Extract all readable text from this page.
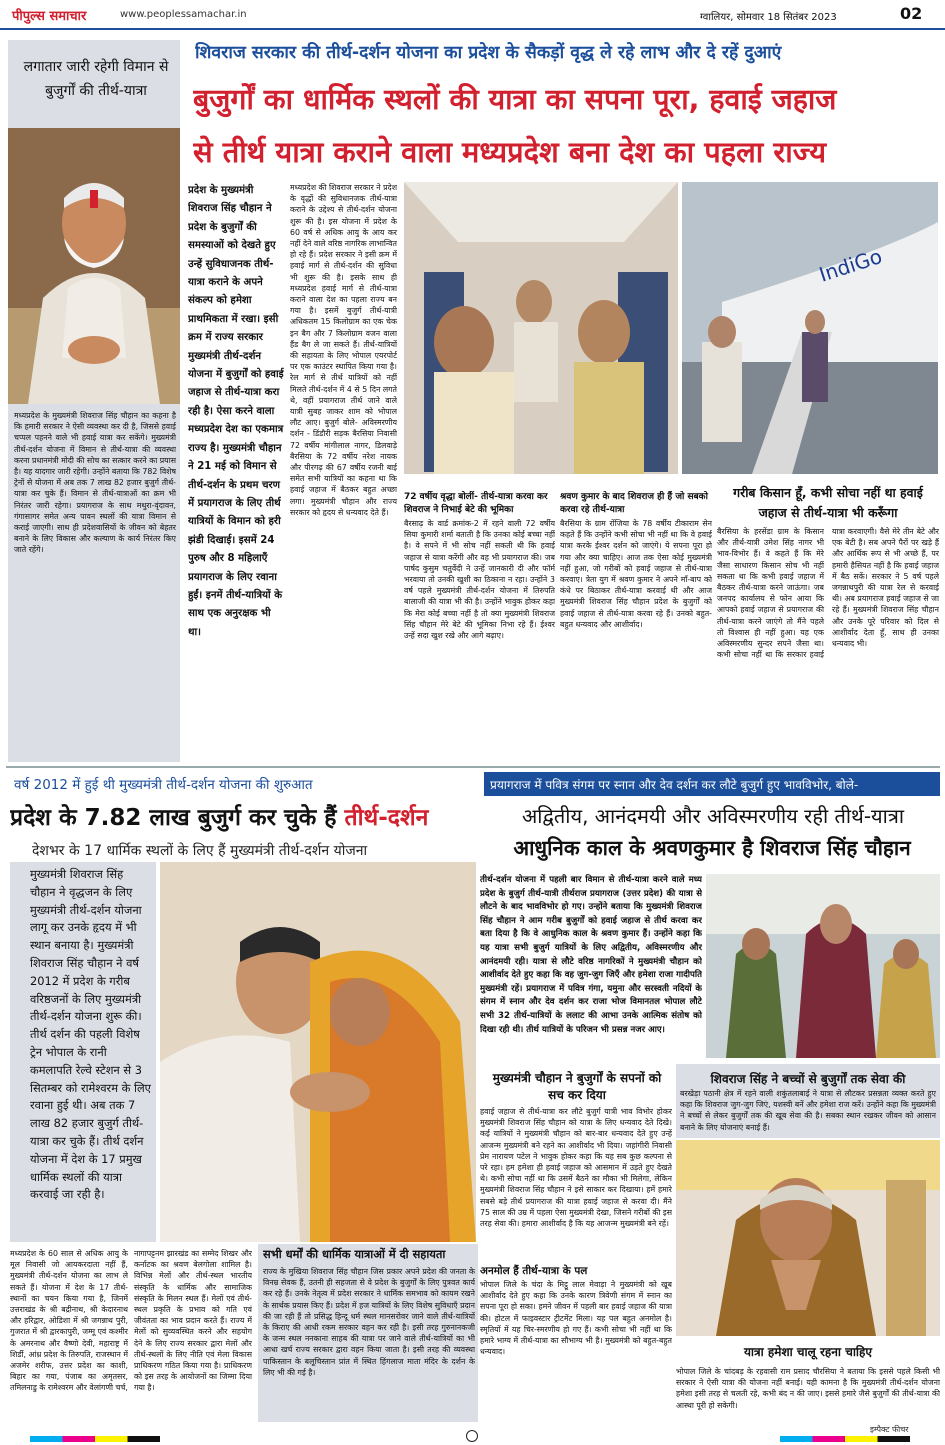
पीपुल्स समाचार	www.peoplessamachar.in	ग्वालियर, सोमवार 18 सितंबर 2023	02
शिवराज सरकार की तीर्थ-दर्शन योजना का प्रदेश के सैकड़ों वृद्ध ले रहे लाभ और दे रहें दुआएं
बुजुर्गों का धार्मिक स्थलों की यात्रा का सपना पूरा, हवाई जहाज
से तीर्थ यात्रा कराने वाला मध्यप्रदेश बना देश का पहला राज्य
लगातार जारी रहेगी विमान से बुजुर्गों की तीर्थ-यात्रा
मध्यप्रदेश के मुख्यमंत्री शिवराज सिंह चौहान का कहना है कि हमारी सरकार ने ऐसी व्यवस्था कर दी है, जिससे हवाई चप्पल पहनने वाले भी हवाई यात्रा कर सकेंगे। मुख्यमंत्री तीर्थ-दर्शन योजना में विमान से तीर्थ-यात्रा की व्यवस्था करना प्रधानमंत्री मोदी की सोच का सत्कार करने का प्रयास है। यह यादगार जारी रहेगी। उन्होंने बताया कि 782 विशेष ट्रेनों से योजना में अब तक 7 लाख 82 हजार बुजुर्ग तीर्थ-यात्रा कर चुके हैं। विमान से तीर्थ-यात्राओं का क्रम भी निरंतर जारी रहेगा। प्रयागराज के साथ मथुरा-वृंदावन, गंगासागर समेत अन्य पावन स्थलों की यात्रा विमान से कराई जाएगी। साथ ही प्रदेशवासियों के जीवन को बेहतर बनाने के लिए विकास और कल्याण के कार्य निरंतर किए जाते रहेंगे।
प्रदेश के मुख्यमंत्री शिवराज सिंह चौहान ने प्रदेश के बुजुर्गों की समस्याओं को देखते हुए उन्हें सुविधाजनक तीर्थ-यात्रा कराने के अपने संकल्प को हमेशा प्राथमिकता में रखा। इसी क्रम में राज्य सरकार मुख्यमंत्री तीर्थ-दर्शन योजना में बुजुर्गों को हवाई जहाज से तीर्थ-यात्रा करा रही है। ऐसा करने वाला मध्यप्रदेश देश का एकमात्र राज्य है। मुख्यमंत्री चौहान ने 21 मई को विमान से तीर्थ-दर्शन के प्रथम चरण में प्रयागराज के लिए तीर्थ यात्रियों के विमान को हरी झंडी दिखाई। इसमें 24 पुरुष और 8 महिलाएँ प्रयागराज के लिए रवाना हुईं। इनमें तीर्थ-यात्रियों के साथ एक अनुरक्षक भी था।
मध्यप्रदेश की शिवराज सरकार ने प्रदेश के वृद्धों की सुविधानजक तीर्थ-यात्रा कराने के उद्देश्य से तीर्थ-दर्शन योजना शुरू की है। इस योजना में प्रदेश के 60 वर्ष से अधिक आयु के आय कर नहीं देने वाले वरिष्ठ नागरिक लाभान्वित हो रहे हैं। प्रदेश सरकार ने इसी क्रम में हवाई मार्ग से तीर्थ-दर्शन की सुविधा भी शुरू की है। इसके साथ ही मध्यप्रदेश हवाई मार्ग से तीर्थ-यात्रा कराने वाला देश का पहला राज्य बन गया है। इसमें बुजुर्ग तीर्थ-यात्री अधिकतम 15 किलोग्राम का एक चेक इन बैग और 7 किलोग्राम वजन वाला हैंड बैग ले जा सकते हैं। तीर्थ-यात्रियों की सहायता के लिए भोपाल एयरपोर्ट पर एक काउंटर स्थापित किया गया है। रेल मार्ग से तीर्थ यात्रियों को नहीं मिलते तीर्थ-दर्शन में 4 से 5 दिन लगते थे, वहीं प्रयागराज तीर्थ जाने वाले यात्री सुबह जाकर शाम को भोपाल लौट आए। बुजुर्ग बोले- अविस्मरणीय दर्शन - डिंडौरी सड़क बैरसिया निवासी 72 वर्षीय मांगीलाल नागर, डिलवाड़े बैरसिया के 72 वर्षीय नरेश नायक और पीरगढ़ की 67 वर्षीय रजनी बाई समेत सभी यात्रियों का कहना था कि हवाई जहाज में बैठकर बहुत अच्छा लगा। मुख्यमंत्री चौहान और राज्य सरकार को हृदय से धन्यवाद देते हैं।
IndiGo
72 वर्षीय वृद्धा बोलीं- तीर्थ-यात्रा करवा कर शिवराज ने निभाई बेटे की भूमिका
बैरसाढ़ के वार्ड क्रमांक-2 में रहने वाली 72 वर्षीय सिया कुमारी शर्मा बताती है कि उनका कोई बच्चा नहीं है। वे सपने में भी सोच नहीं सकती थी कि हवाई जहाज से यात्रा करेंगी और वह भी प्रयागराज की। जब पार्षद कुसुम चतुर्वेदी ने उन्हें जानकारी दी और फॉर्म भरवाया तो उनकी खुशी का ठिकाना न रहा। उन्होंने 3 वर्ष पहले मुख्यमंत्री तीर्थ-दर्शन योजना में तिरुपति बालाजी की यात्रा भी की है। उन्होंने भावुक होकर कहा कि मेरा कोई बच्चा नहीं है तो क्या मुख्यमंत्री शिवराज सिंह चौहान मेरे बेटे की भूमिका निभा रहे हैं। ईश्वर उन्हें सदा खुश रखे और आगे बढ़ाए।
श्रवण कुमार के बाद शिवराज ही हैं जो सबको करवा रहे तीर्थ-यात्रा
बैरसिया के ग्राम रोंजिया के 78 वर्षीय टीकाराम सेन कहते हैं कि उन्होंने कभी सोचा भी नहीं था कि वे हवाई यात्रा करके ईश्वर दर्शन को जाएंगे। ये सपना पूरा हो गया और क्या चाहिए। आज तक ऐसा कोई मुख्यमंत्री नहीं हुआ, जो गरीबों को हवाई जहाज से तीर्थ-यात्रा करवाए। त्रेता युग में श्रवण कुमार ने अपने माँ-बाप को कंधे पर बिठाकर तीर्थ-यात्रा करवाई थी और आज मुख्यमंत्री शिवराज सिंह चौहान प्रदेश के बुजुर्गों को हवाई जहाज से तीर्थ-यात्रा करवा रहे हैं। उनको बहुत-बहुत धन्यवाद और आशीर्वाद।
गरीब किसान हूँ, कभी सोचा नहीं था हवाई जहाज से तीर्थ-यात्रा भी करूँगा
बैरसिया के हरसेंडा ग्राम के किसान और तीर्थ-यात्री उमेश सिंह नागर भी भाव-विभोर हैं। वे कहते हैं कि मेरे जैसा साधारण किसान सोच भी नहीं सकता था कि कभी हवाई जहाज में बैठकर तीर्थ-यात्रा करने जाऊंगा। जब जनपद कार्यालय से फोन आया कि आपको हवाई जहाज से प्रयागराज की तीर्थ-यात्रा करने जाएंगे तो मैंने पहले तो विश्वास ही नहीं हुआ। यह एक अविस्मरणीय सुन्दर सपने जैसा था। कभी सोचा नहीं था कि सरकार हवाई यात्रा करवाएगी। वैसे मेरे तीन बेटे और एक बेटी है। सब अपने पैरों पर खड़े हैं और आर्थिक रूप से भी अच्छे हैं, पर हमारी हैसियत नहीं है कि हवाई जहाज में बैठ सकें। सरकार ने 5 वर्ष पहले जगन्नाथपुरी की यात्रा रेल से करवाई थी। अब प्रयागराज हवाई जहाज से जा रहे हैं। मुख्यमंत्री शिवराज सिंह चौहान और उनके पूरे परिवार को दिल से आशीर्वाद देता हूँ, साथ ही उनका धन्यवाद भी।
वर्ष 2012 में हुई थी मुख्यमंत्री तीर्थ-दर्शन योजना की शुरुआत
प्रदेश के 7.82 लाख बुजुर्ग कर चुके हैं तीर्थ-दर्शन
देशभर के 17 धार्मिक स्थलों के लिए हैं मुख्यमंत्री तीर्थ-दर्शन योजना
मुख्यमंत्री शिवराज सिंह चौहान ने वृद्धजन के लिए मुख्यमंत्री तीर्थ-दर्शन योजना लागू कर उनके हृदय में भी स्थान बनाया है। मुख्यमंत्री शिवराज सिंह चौहान ने वर्ष 2012 में प्रदेश के गरीब वरिष्ठजनों के लिए मुख्यमंत्री तीर्थ-दर्शन योजना शुरू की। तीर्थ दर्शन की पहली विशेष ट्रेन भोपाल के रानी कमलापति रेल्वे स्टेशन से 3 सितम्बर को रामेश्वरम के लिए रवाना हुई थी। अब तक 7 लाख 82 हजार बुजुर्ग तीर्थ-यात्रा कर चुके हैं। तीर्थ दर्शन योजना में देश के 17 प्रमुख धार्मिक स्थलों की यात्रा करवाई जा रही है।
मध्यप्रदेश के 60 साल से अधिक आयु के मूल निवासी जो आयकरदाता नहीं हैं, मुख्यमंत्री तीर्थ-दर्शन योजना का लाभ ले सकते हैं। योजना में देश के 17 तीर्थ-स्थानों का चयन किया गया है, जिनमें उत्तराखंड के श्री बद्रीनाथ, श्री केदारनाथ और हरिद्वार, ओडिशा में श्री जगन्नाथ पुरी, गुजरात में श्री द्वारकापुरी, जम्मू एवं कश्मीर के अमरनाथ और वैष्णो देवी, महाराष्ट्र में शिर्डी, आंध्र प्रदेश के तिरुपति, राजस्थान में अजमेर शरीफ, उत्तर प्रदेश का काशी, बिहार का गया, पंजाब का अमृतसर, तमिलनाडु के रामेश्वरम और वेलांगणी चर्च,
नागापट्टनम झारखंड का सम्मेद शिखर और कर्नाटक का श्रवण बेलगोला शामिल है। विभिन्न मेलों और तीर्थ-स्थल भारतीय संस्कृति के धार्मिक और सामाजिक संस्कृति के मिलन स्थल हैं। मेलों एवं तीर्थ-स्थल प्रकृति के प्रभाव को गति एवं जीवंतता का भाव प्रदान करते हैं। राज्य में मेलों को सुव्यवस्थित करने और सहयोग देने के लिए राज्य सरकार द्वारा मेलों और तीर्थ-स्थलों के लिए नीति एवं मेला विकास प्राधिकरण गठित किया गया है। प्राधिकरण को इस तरह के आयोजनों का जिम्मा दिया गया है।
सभी धर्मों की धार्मिक यात्राओं में दी सहायता
राज्य के मुखिया शिवराज सिंह चौहान जिस प्रकार अपने प्रदेश की जनता के विनम्र सेवक हैं, उतनी ही सहजता से वे प्रदेश के बुजुर्गों के लिए पुत्रवत कार्य कर रहे हैं। उनके नेतृत्व में प्रदेश सरकार ने धार्मिक समभाव को कायम रखने के सार्थक प्रयास किए हैं। प्रदेश में हज यात्रियों के लिए विशेष सुविधाएँ प्रदान की जा रही हैं तो प्रसिद्ध हिन्दू धर्म स्थल मानसरोवर जाने वाले तीर्थ-यात्रियों के किराए की आधी रकम सरकार वहन कर रही है। इसी तरह गुरुनानकजी के जन्म स्थल ननकाना साहब की यात्रा पर जाने वाले तीर्थ-यात्रियों का भी आधा खर्च राज्य सरकार द्वारा वहन किया जाता है। इसी तरह की व्यवस्था पाकिस्तान के बलूचिस्तान प्रांत में स्थित हिंगलाज माता मंदिर के दर्शन के लिए भी की गई है।
प्रयागराज में पवित्र संगम पर स्नान और देव दर्शन कर लौटे बुजुर्ग हुए भावविभोर, बोले-
अद्वितीय, आनंदमयी और अविस्मरणीय रही तीर्थ-यात्रा
आधुनिक काल के श्रवणकुमार है शिवराज सिंह चौहान
तीर्थ-दर्शन योजना में पहली बार विमान से तीर्थ-यात्रा करने वाले मध्य प्रदेश के बुजुर्ग तीर्थ-यात्री तीर्थराज प्रयागराज (उत्तर प्रदेश) की यात्रा से लौटने के बाद भावविभोर हो गए। उन्होंने बताया कि मुख्यमंत्री शिवराज सिंह चौहान ने आम गरीब बुजुर्गों को हवाई जहाज से तीर्थ करवा कर बता दिया है कि वे आधुनिक काल के श्रवण कुमार हैं। उन्होंने कहा कि यह यात्रा सभी बुजुर्ग यात्रियों के लिए अद्वितीय, अविस्मरणीय और आनंदमयी रही। यात्रा से लौटे वरिष्ठ नागरिकों ने मुख्यमंत्री चौहान को आशीर्वाद देते हुए कहा कि वह जुग-जुग जिएँ और हमेशा राजा गादीपति मुख्यमंत्री रहें। प्रयागराज में पवित्र गंगा, यमुना और सरस्वती नदियों के संगम में स्नान और देव दर्शन कर राजा भोज विमानतल भोपाल लौटे सभी 32 तीर्थ-यात्रियों के ललाट की आभा उनके आत्मिक संतोष को दिखा रही थी। तीर्थ यात्रियों के परिजन भी प्रसन्न नजर आए।
मुख्यमंत्री चौहान ने बुजुर्गों के सपनों को सच कर दिया
हवाई जहाज से तीर्थ-यात्रा कर लौटे बुजुर्ग यात्री भाव विभोर होकर मुख्यमंत्री शिवराज सिंह चौहान को यात्रा के लिए धन्यवाद देते दिखे। कई यात्रियों ने मुख्यमंत्री चौहान को बार-बार धन्यवाद देते हुए उन्हें आजन्म मुख्यमंत्री बने रहने का आशीर्वाद भी दिया। जहांगीरी निवासी प्रेम नारायण पटेल ने भावुक होकर कहा कि यह सब कुछ कल्पना से परे रहा। हम हमेशा ही हवाई जहाज को आसमान में उड़ते हुए देखते थे। कभी सोचा नहीं था कि उसमें बैठने का मौका भी मिलेगा, लेकिन मुख्यमंत्री शिवराज सिंह चौहान ने इसे साकार कर दिखाया। हमें हमारे सबसे बड़े तीर्थ प्रयागराज की यात्रा हवाई जहाज से करवा दी। मैंने 75 साल की उम्र में पहला ऐसा मुख्यमंत्री देखा, जिसने गरीबों की इस तरह सेवा की। हमारा आशीर्वाद है कि यह आजन्म मुख्यमंत्री बने रहें।
अनमोल हैं तीर्थ-यात्रा के पल
भोपाल जिले के चंदा के मिट्ठू लाल मेवाड़ा ने मुख्यमंत्री को खूब आशीर्वाद देते हुए कहा कि उनके कारण त्रिवेणी संगम में स्नान का सपना पूरा हो सका। हमने जीवन में पहली बार हवाई जहाज की यात्रा की। होटल में फाइवस्टार ट्रीटमेंट मिला। यह पल बहुत अनमोल है। स्मृतियों में यह चिर-स्मरणीय हो गए हैं। कभी सोचा भी नहीं था कि हमारे भाग्य में तीर्थ-यात्रा का सौभाग्य भी है। मुख्यमंत्री को बहुत-बहुत धन्यवाद।
शिवराज सिंह ने बच्चों से बुजुर्गों तक सेवा की
बरखेड़ा पठानी क्षेत्र में रहने वाली शकुंतलाबाई ने यात्रा से लौटकर प्रसन्नता व्यक्त करते हुए कहा कि शिवराज जुग-जुग जिएं, यशस्वी बनें और हमेशा राज करें। उन्होंने कहा कि मुख्यमंत्री ने बच्चों से लेकर बुजुर्गों तक की खूब सेवा की है। सबका स्थान रखकर जीवन को आसान बनाने के लिए योजनाएं बनाई हैं।
यात्रा हमेशा चालू रहना चाहिए
भोपाल जिले के चांदबड़ के रहवासी राम प्रसाद चौरसिया ने बताया कि इससे पहले किसी भी सरकार ने ऐसी यात्रा की योजना नहीं बनाई। यही कामना है कि मुख्यमंत्री तीर्थ-दर्शन योजना हमेशा इसी तरह से चलती रहे, कभी बंद न की जाए। इससे हमारे जैसे बुजुर्गों की तीर्थ-यात्रा की आस्था पूरी हो सकेगी।
इम्पैक्ट फीचर
